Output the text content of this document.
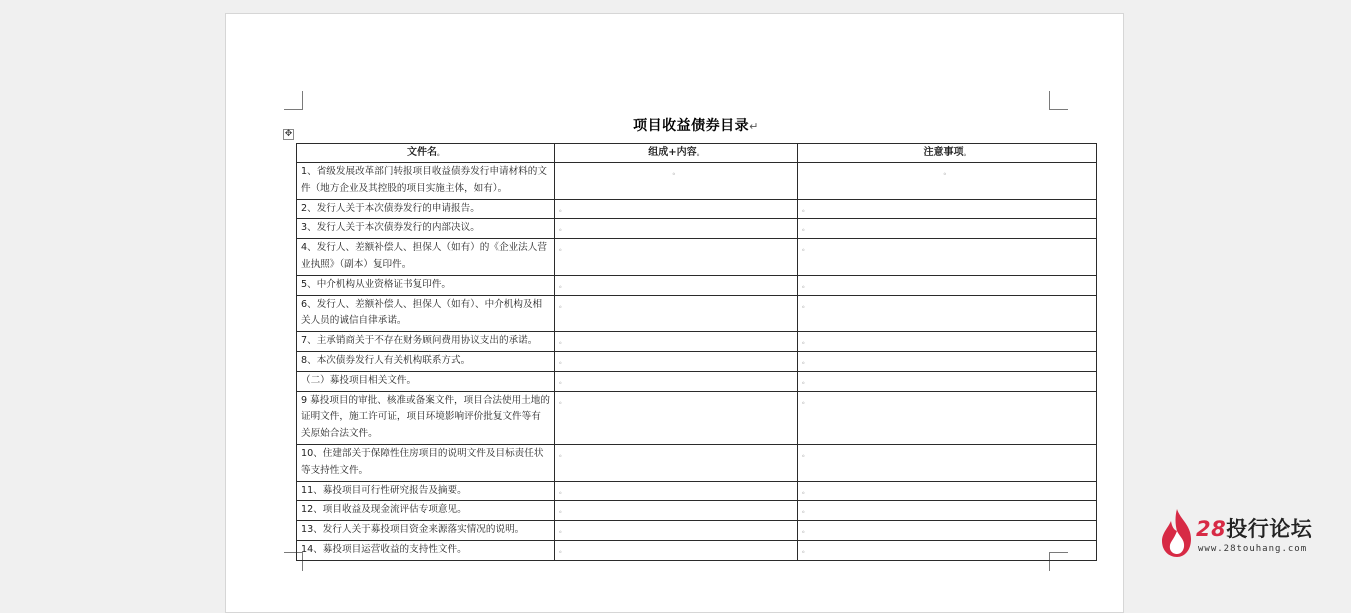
✥	项目收益债券目录↵
文件名。	组成+内容。	注意事项。
1、省级发展改革部门转报项目收益债券发行申请材料的文件（地方企业及其控股的项目实施主体，如有）。	。	。
2、发行人关于本次债券发行的申请报告。	。	。
3、发行人关于本次债券发行的内部决议。	。	。
4、发行人、差额补偿人、担保人（如有）的《企业法人营业执照》（副本）复印件。	。	。
5、中介机构从业资格证书复印件。	。	。
6、发行人、差额补偿人、担保人（如有）、中介机构及相关人员的诚信自律承诺。	。	。
7、主承销商关于不存在财务顾问费用协议支出的承诺。	。	。
8、本次债券发行人有关机构联系方式。	。	。
（二）募投项目相关文件。	。	。
9 募投项目的审批、核准或备案文件，项目合法使用土地的证明文件，施工许可证，项目环境影响评价批复文件等有关原始合法文件。	。	。
10、住建部关于保障性住房项目的说明文件及目标责任状等支持性文件。	。	。
11、募投项目可行性研究报告及摘要。	。	。
12、项目收益及现金流评估专项意见。	。	。
13、发行人关于募投项目资金来源落实情况的说明。	。	。
14、募投项目运营收益的支持性文件。	。	。
28投行论坛
www.28touhang.com
